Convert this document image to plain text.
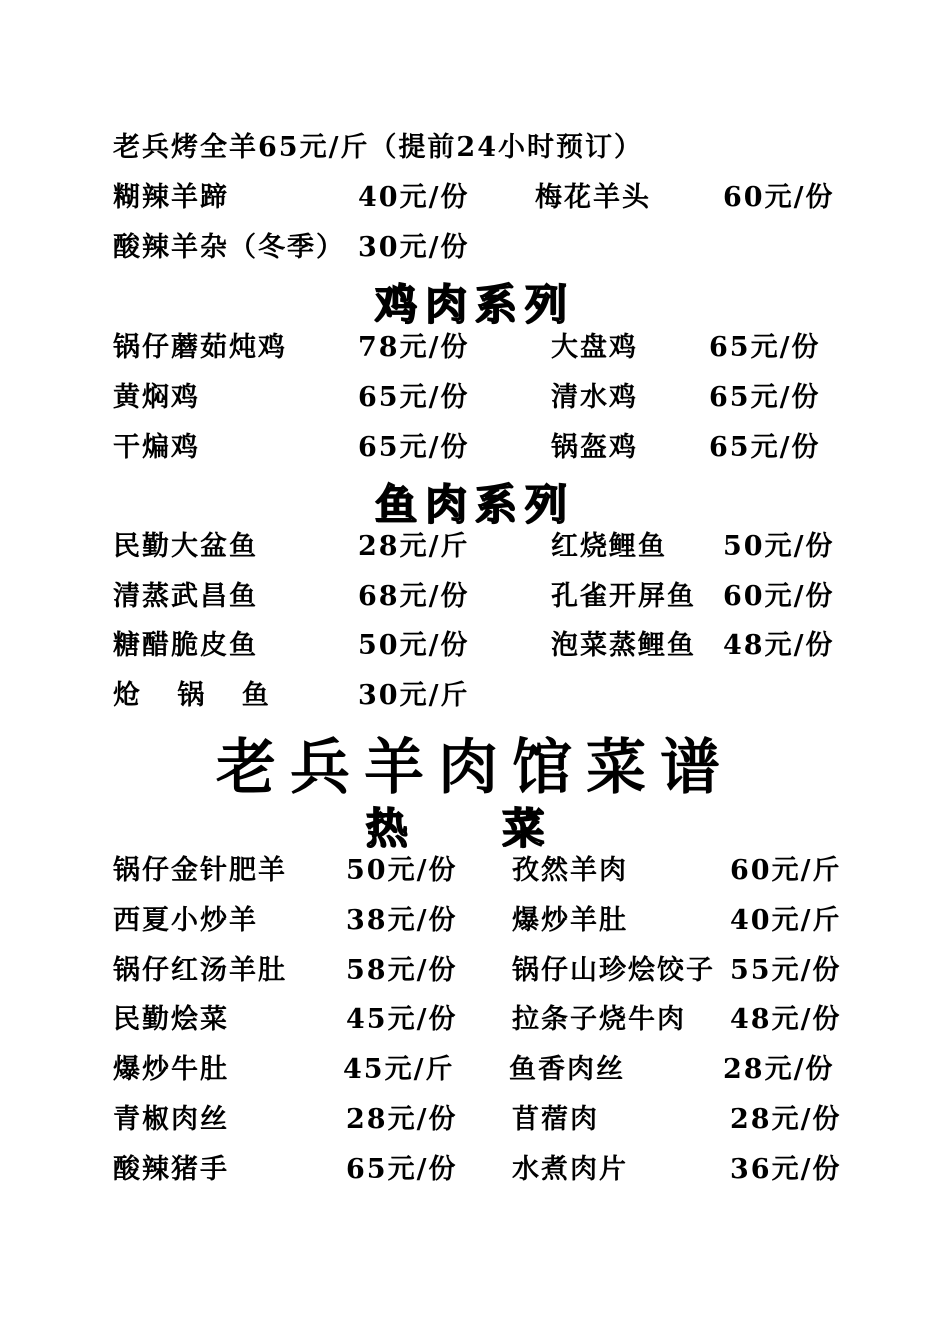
老兵烤全羊65元/斤（提前24小时预订）
糊辣羊蹄	40元/份 梅花羊头	60元/份
酸辣羊杂（冬季） 30元/份
鸡肉系列
锅仔蘑茹炖鸡	78元/份	大盘鸡	65元/份
黄焖鸡	65元/份	清水鸡	65元/份
干煸鸡	65元/份	锅盔鸡	65元/份
鱼肉系列
民勤大盆鱼	28元/斤	红烧鲤鱼 50元/份
清蒸武昌鱼	68元/份	孔雀开屏鱼 60元/份
糖醋脆皮鱼	50元/份	泡菜蒸鲤鱼 48元/份
炝 锅 鱼	30元/斤
老兵羊肉馆菜谱
热 菜
锅仔金针肥羊 50元/份 孜然羊肉	60元/斤
西夏小炒羊	38元/份 爆炒羊肚	40元/斤
锅仔红汤羊肚 58元/份 锅仔山珍烩饺子 55元/份
民勤烩菜	45元/份 拉条子烧牛肉 48元/份
爆炒牛肚	45元/斤 鱼香肉丝	28元/份
青椒肉丝	28元/份 苜蓿肉	28元/份
酸辣猪手	65元/份 水煮肉片	36元/份
